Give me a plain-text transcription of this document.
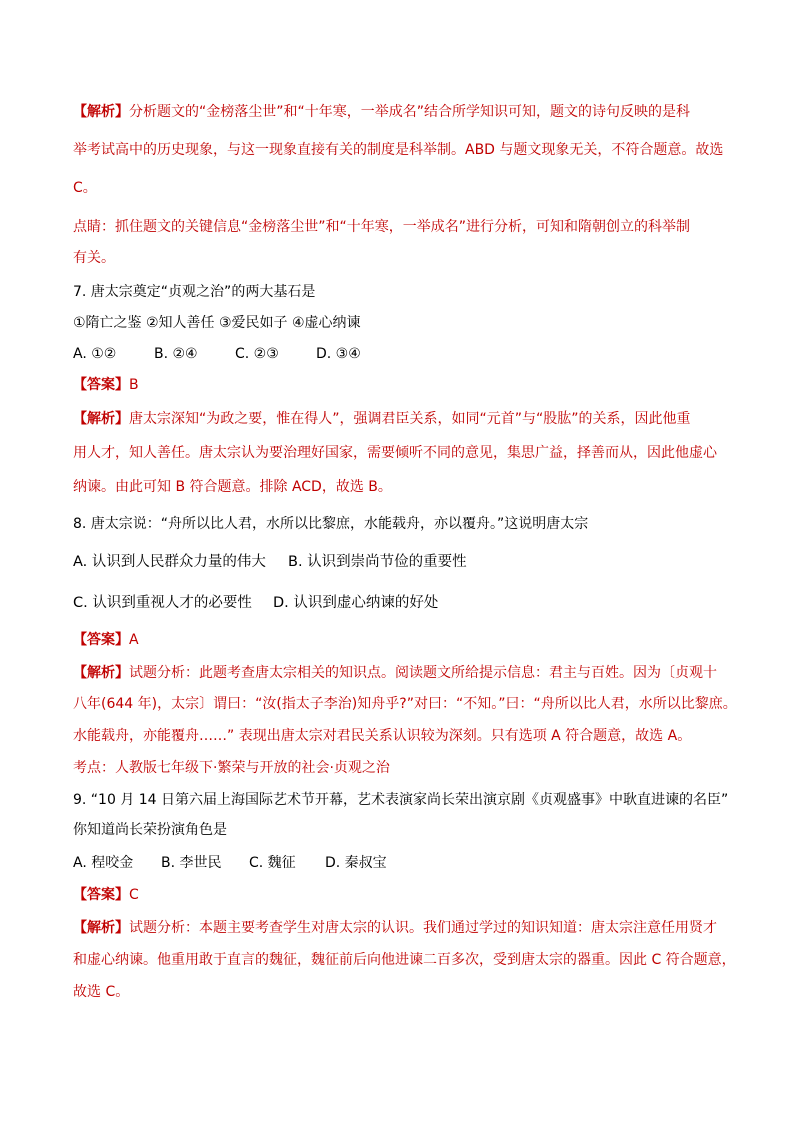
【解析】分析题文的“金榜落尘世”和“十年寒，一举成名”结合所学知识可知，题文的诗句反映的是科
举考试高中的历史现象，与这一现象直接有关的制度是科举制。ABD 与题文现象无关，不符合题意。故选
C。
点睛：抓住题文的关键信息“金榜落尘世”和“十年寒，一举成名”进行分析，可知和隋朝创立的科举制
有关。
7. 唐太宗奠定“贞观之治”的两大基石是
①隋亡之鉴 ②知人善任 ③爱民如子 ④虚心纳谏
A. ①②	B. ②④	C. ②③	D. ③④
【答案】B
【解析】唐太宗深知“为政之要，惟在得人”，强调君臣关系，如同“元首”与“股肱”的关系，因此他重
用人才，知人善任。唐太宗认为要治理好国家，需要倾听不同的意见，集思广益，择善而从，因此他虚心
纳谏。由此可知 B 符合题意。排除 ACD，故选 B。
8. 唐太宗说：“舟所以比人君，水所以比黎庶，水能载舟，亦以覆舟。”这说明唐太宗
A. 认识到人民群众力量的伟大 B. 认识到崇尚节俭的重要性
C. 认识到重视人才的必要性 D. 认识到虚心纳谏的好处
【答案】A
【解析】试题分析：此题考查唐太宗相关的知识点。阅读题文所给提示信息：君主与百姓。因为〔贞观十
八年(644 年)，太宗〕谓曰：“汝(指太子李治)知舟乎?”对曰：“不知。”曰：“舟所以比人君，水所以比黎庶。
水能载舟，亦能覆舟……” 表现出唐太宗对君民关系认识较为深刻。只有选项 A 符合题意，故选 A。
考点：人教版七年级下·繁荣与开放的社会·贞观之治
9. “10 月 14 日第六届上海国际艺术节开幕，艺术表演家尚长荣出演京剧《贞观盛事》中耿直进谏的名臣”
你知道尚长荣扮演角色是
A. 程咬金 B. 李世民 C. 魏征 D. 秦叔宝
【答案】C
【解析】试题分析：本题主要考查学生对唐太宗的认识。我们通过学过的知识知道：唐太宗注意任用贤才
和虚心纳谏。他重用敢于直言的魏征，魏征前后向他进谏二百多次，受到唐太宗的器重。因此 C 符合题意，
故选 C。
